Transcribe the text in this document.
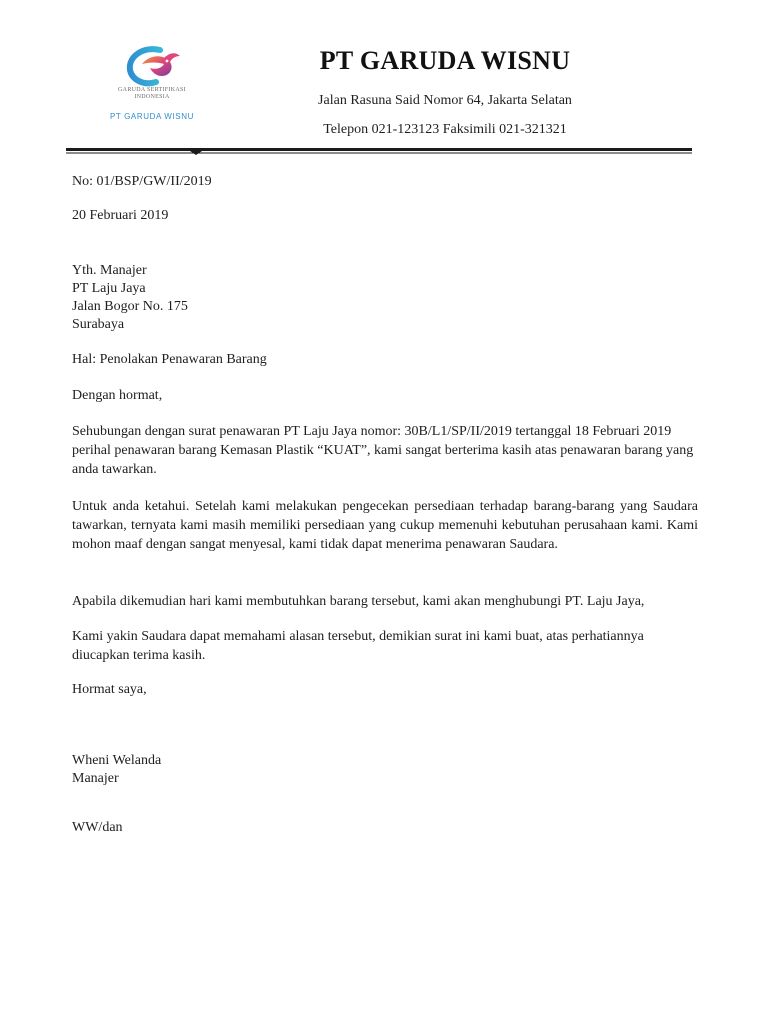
GARUDA SERTIFIKASI
INDONESIA
PT GARUDA WISNU
PT GARUDA WISNU
Jalan Rasuna Said Nomor 64, Jakarta Selatan
Telepon 021-123123 Faksimili 021-321321
No: 01/BSP/GW/II/2019
20 Februari 2019
Yth. Manajer
PT Laju Jaya
Jalan Bogor No. 175
Surabaya
Hal: Penolakan Penawaran Barang
Dengan hormat,
Sehubungan dengan surat penawaran PT Laju Jaya nomor: 30B/L1/SP/II/2019 tertanggal 18 Februari 2019 perihal penawaran barang Kemasan Plastik “KUAT”, kami sangat berterima kasih atas penawaran barang yang anda tawarkan.
Untuk anda ketahui. Setelah kami melakukan pengecekan persediaan terhadap barang-barang yang Saudara tawarkan, ternyata kami masih memiliki persediaan yang cukup memenuhi kebutuhan perusahaan kami. Kami mohon maaf dengan sangat menyesal, kami tidak dapat menerima penawaran Saudara.
Apabila dikemudian hari kami membutuhkan barang tersebut, kami akan menghubungi PT. Laju Jaya,
Kami yakin Saudara dapat memahami alasan tersebut, demikian surat ini kami buat, atas perhatiannya diucapkan terima kasih.
Hormat saya,
Wheni Welanda
Manajer
WW/dan
